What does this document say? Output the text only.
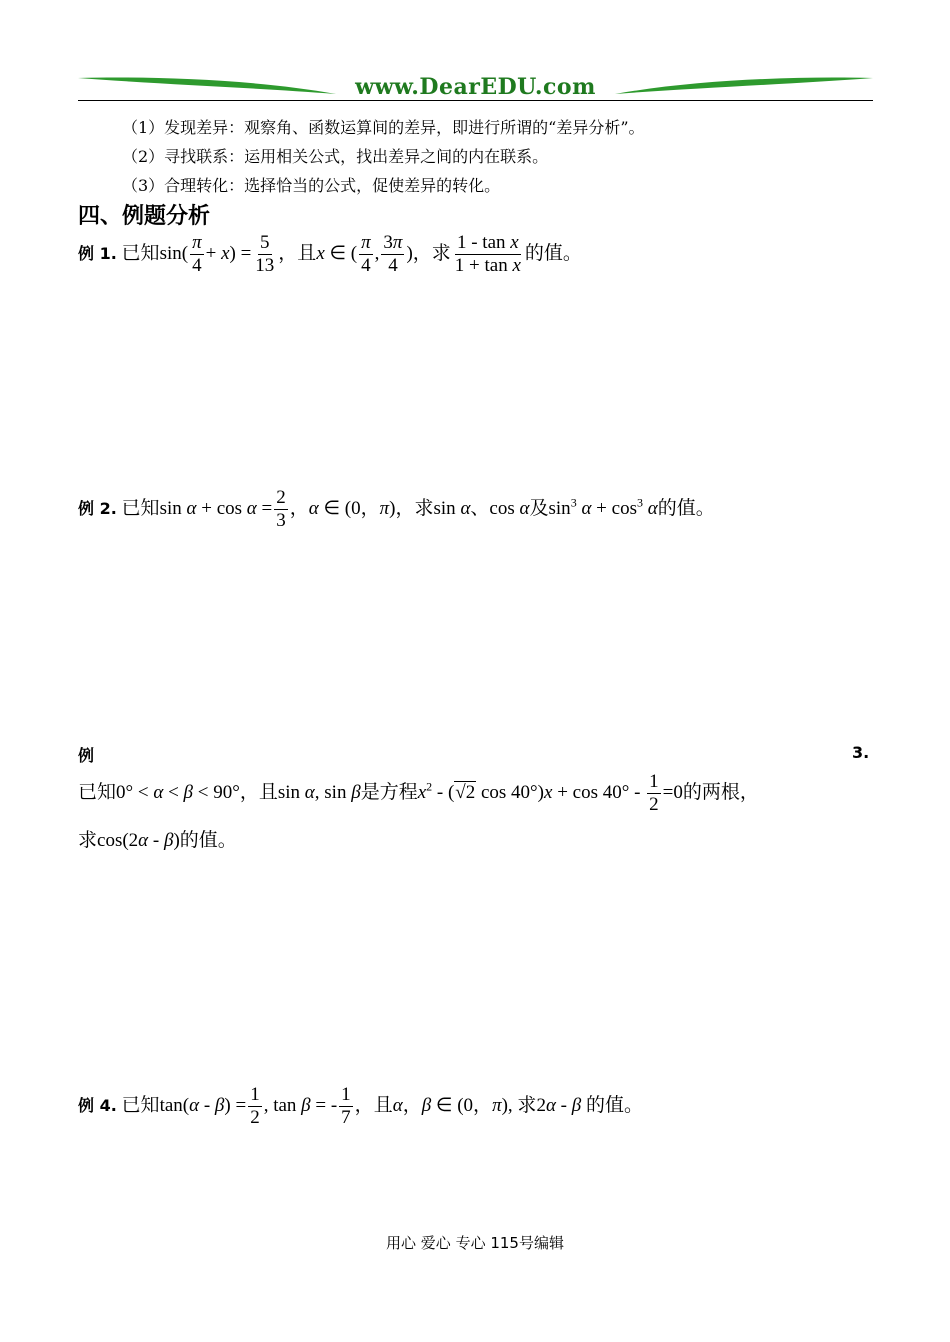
www.DearEDU.com
（1）发现差异：观察角、函数运算间的差异，即进行所谓的“差异分析”。
（2）寻找联系：运用相关公式，找出差异之间的内在联系。
（3）合理转化：选择恰当的公式，促使差异的转化。
四、例题分析
例 1. 已知$\sin( \frac{\pi}{4} + x) = \frac{5}{13}$ ，且x ∈ ( $\frac{\pi}{4}$ , $\frac{3\pi}{4}$ )，求 $\frac{\text{1 - tan x}}{\text{1 + tan x}}$ 的值。
例 2. 已知$\sin \alpha + \cos \alpha = \frac{2}{3}$ ，α ∈ (0，π)，求sin α、cos α及$\sin^3 \alpha + \cos^3 \alpha$的值。
例	3.
已知0° < α < β < 90°，且sin α, sin β是方程$x^2 - (√2$ $\cos 40^\circ)x + \cos 40^\circ - \frac{1}{2} =0$的两根，
求cos(2α - β)的值。
例 4. 已知$\tan(\alpha - \beta) = \frac{1}{2}$ , tan β = - $\frac{1}{7}$ ，且α，β ∈ (0，π), 求2α - β 的值。
用心 爱心 专心 115号编辑
